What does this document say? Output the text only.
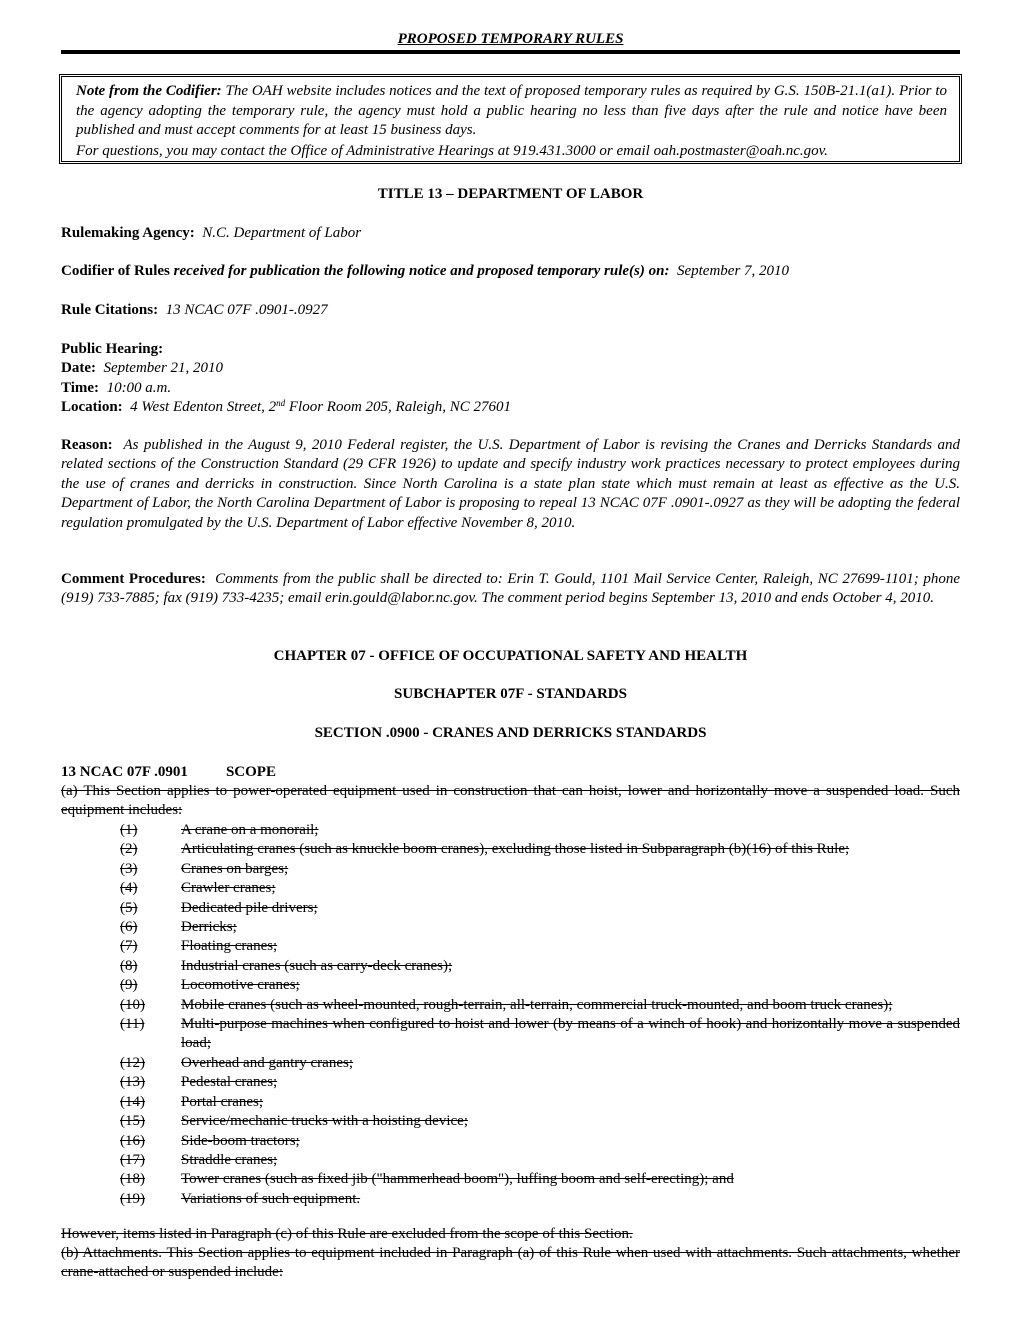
PROPOSED TEMPORARY RULES

Note from the Codifier: The OAH website includes notices and the text of proposed temporary rules as required by G.S. 150B-21.1(a1). Prior to the agency adopting the temporary rule, the agency must hold a public hearing no less than five days after the rule and notice have been published and must accept comments for at least 15 business days.

For questions, you may contact the Office of Administrative Hearings at 919.431.3000 or email oah.postmaster@oah.nc.gov.

TITLE 13 – DEPARTMENT OF LABOR
Rulemaking Agency: N.C. Department of Labor
Codifier of Rules received for publication the following notice and proposed temporary rule(s) on: September 7, 2010
Rule Citations: 13 NCAC 07F .0901-.0927
Public Hearing:
Date: September 21, 2010
Time: 10:00 a.m.
Location: 4 West Edenton Street, 2nd Floor Room 205, Raleigh, NC 27601
Reason: As published in the August 9, 2010 Federal register, the U.S. Department of Labor is revising the Cranes and Derricks Standards and related sections of the Construction Standard (29 CFR 1926) to update and specify industry work practices necessary to protect employees during the use of cranes and derricks in construction. Since North Carolina is a state plan state which must remain at least as effective as the U.S. Department of Labor, the North Carolina Department of Labor is proposing to repeal 13 NCAC 07F .0901-.0927 as they will be adopting the federal regulation promulgated by the U.S. Department of Labor effective November 8, 2010.
Comment Procedures: Comments from the public shall be directed to: Erin T. Gould, 1101 Mail Service Center, Raleigh, NC 27699-1101; phone (919) 733-7885; fax (919) 733-4235; email erin.gould@labor.nc.gov. The comment period begins September 13, 2010 and ends October 4, 2010.
CHAPTER 07 - OFFICE OF OCCUPATIONAL SAFETY AND HEALTH
SUBCHAPTER 07F - STANDARDS
SECTION .0900 - CRANES AND DERRICKS STANDARDS
13 NCAC 07F .0901	SCOPE
(a) This Section applies to power-operated equipment used in construction that can hoist, lower and horizontally move a suspended load. Such equipment includes:
(1)	A crane on a monorail;
(2)	Articulating cranes (such as knuckle boom cranes), excluding those listed in Subparagraph (b)(16) of this Rule;
(3)	Cranes on barges;
(4)	Crawler cranes;
(5)	Dedicated pile drivers;
(6)	Derricks;
(7)	Floating cranes;
(8)	Industrial cranes (such as carry-deck cranes);
(9)	Locomotive cranes;
(10)	Mobile cranes (such as wheel-mounted, rough-terrain, all-terrain, commercial truck-mounted, and boom truck cranes);
(11)	Multi-purpose machines when configured to hoist and lower (by means of a winch of hook) and horizontally move a suspended load;
(12)	Overhead and gantry cranes;
(13)	Pedestal cranes;
(14)	Portal cranes;
(15)	Service/mechanic trucks with a hoisting device;
(16)	Side-boom tractors;
(17)	Straddle cranes;
(18)	Tower cranes (such as fixed jib ("hammerhead boom"), luffing boom and self-erecting); and
(19)	Variations of such equipment.
However, items listed in Paragraph (c) of this Rule are excluded from the scope of this Section.
(b) Attachments. This Section applies to equipment included in Paragraph (a) of this Rule when used with attachments. Such attachments, whether crane-attached or suspended include:
